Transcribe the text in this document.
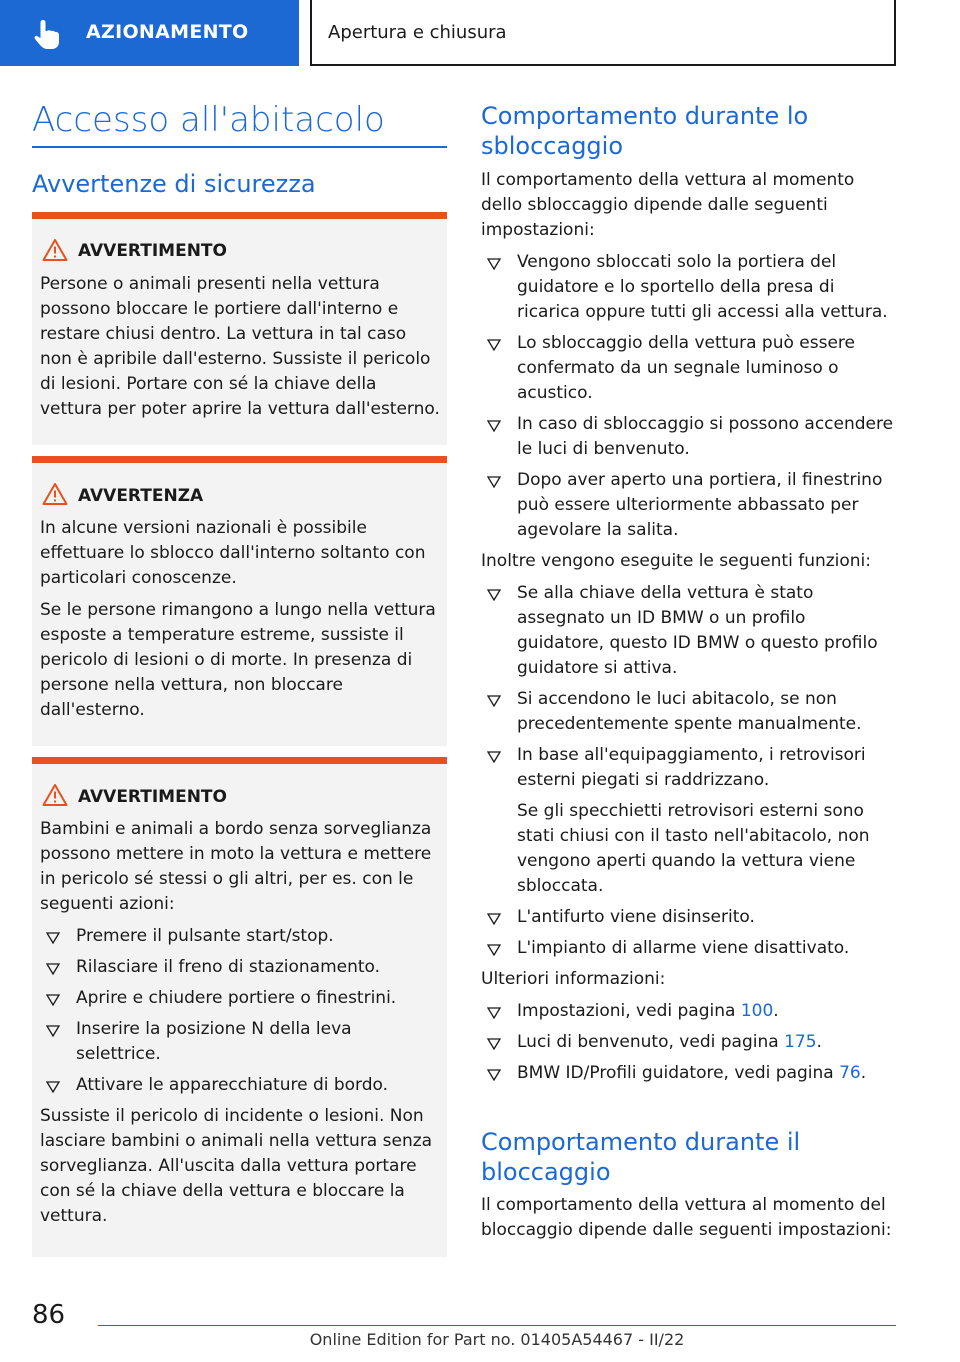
AZIONAMENTO	Apertura e chiusura
Accesso all'abitacolo
Avvertenze di sicurezza
AVVERTIMENTO
Persone o animali presenti nella vettura possono bloccare le portiere dall'interno e restare chiusi dentro. La vettura in tal caso non è apribile dall'esterno. Sussiste il pericolo di lesioni. Portare con sé la chiave della vettura per poter aprire la vettura dall'esterno.
AVVERTENZA
In alcune versioni nazionali è possibile effettuare lo sblocco dall'interno soltanto con particolari conoscenze.
Se le persone rimangono a lungo nella vettura esposte a temperature estreme, sussiste il pericolo di lesioni o di morte. In presenza di persone nella vettura, non bloccare dall'esterno.
AVVERTIMENTO
Bambini e animali a bordo senza sorveglianza possono mettere in moto la vettura e mettere in pericolo sé stessi o gli altri, per es. con le seguenti azioni:
Premere il pulsante start/stop.
Rilasciare il freno di stazionamento.
Aprire e chiudere portiere o finestrini.
Inserire la posizione N della leva selettrice.
Attivare le apparecchiature di bordo.
Sussiste il pericolo di incidente o lesioni. Non lasciare bambini o animali nella vettura senza sorveglianza. All'uscita dalla vettura portare con sé la chiave della vettura e bloccare la vettura.
Comportamento durante lo sbloccaggio
Il comportamento della vettura al momento dello sbloccaggio dipende dalle seguenti impostazioni:
Vengono sbloccati solo la portiera del guidatore e lo sportello della presa di ricarica oppure tutti gli accessi alla vettura.
Lo sbloccaggio della vettura può essere confermato da un segnale luminoso o acustico.
In caso di sbloccaggio si possono accendere le luci di benvenuto.
Dopo aver aperto una portiera, il finestrino può essere ulteriormente abbassato per agevolare la salita.
Inoltre vengono eseguite le seguenti funzioni:
Se alla chiave della vettura è stato assegnato un ID BMW o un profilo guidatore, questo ID BMW o questo profilo guidatore si attiva.
Si accendono le luci abitacolo, se non precedentemente spente manualmente.
In base all'equipaggiamento, i retrovisori esterni piegati si raddrizzano.
Se gli specchietti retrovisori esterni sono stati chiusi con il tasto nell'abitacolo, non vengono aperti quando la vettura viene sbloccata.
L'antifurto viene disinserito.
L'impianto di allarme viene disattivato.
Ulteriori informazioni:
Impostazioni, vedi pagina 100.
Luci di benvenuto, vedi pagina 175.
BMW ID/Profili guidatore, vedi pagina 76.
Comportamento durante il bloccaggio
Il comportamento della vettura al momento del bloccaggio dipende dalle seguenti impostazioni:
86
Online Edition for Part no. 01405A54467 - II/22
